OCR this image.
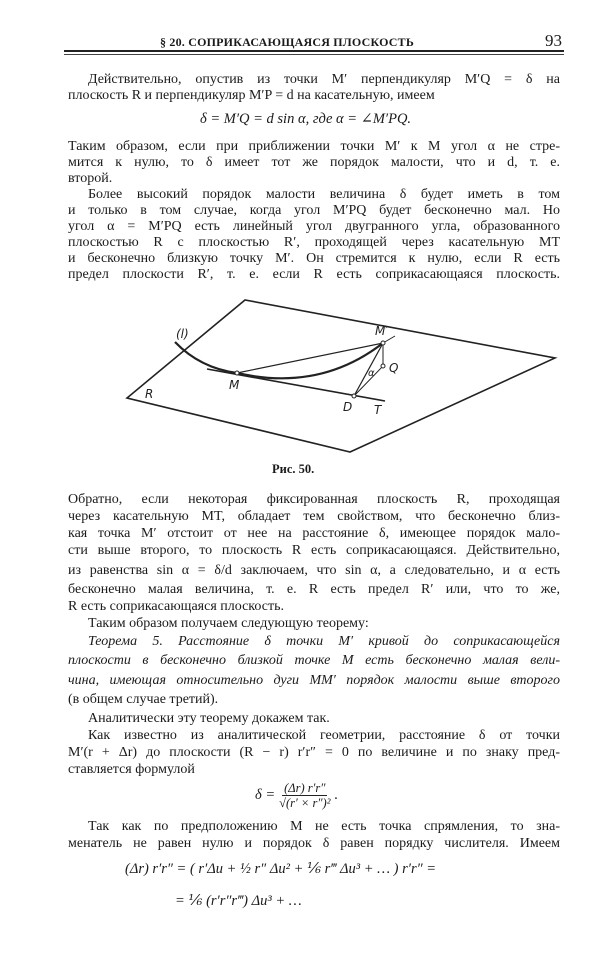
§ 20. СОПРИКАСАЮЩАЯСЯ ПЛОСКОСТЬ	93
Действительно, опустив из точки M′ перпендикуляр M′Q = δ на
плоскость R и перпендикуляр M′P = d на касательную, имеем
δ = M′Q = d sin α, где α = ∠M′PQ.
Таким образом, если при приближении точки M′ к M угол α не стре-
мится к нулю, то δ имеет тот же порядок малости, что и d, т. е.
второй.
Более высокий порядок малости величина δ будет иметь в том
и только в том случае, когда угол M′PQ будет бесконечно мал. Но
угол α = M′PQ есть линейный угол двугранного угла, образованного
плоскостью R с плоскостью R′, проходящей через касательную MT
и бесконечно близкую точку M′. Он стремится к нулю, если R есть
предел плоскости R′, т. е. если R есть соприкасающаяся плоскость.
(l)
M
M′
Q
α
D T
R
Рис. 50.
Обратно, если некоторая фиксированная плоскость R, проходящая
через касательную MT, обладает тем свойством, что бесконечно близ-
кая точка M′ отстоит от нее на расстояние δ, имеющее порядок мало-
сти выше второго, то плоскость R есть соприкасающаяся. Действительно,
из равенства sin α = δ/d заключаем, что sin α, а следовательно, и α есть
бесконечно малая величина, т. е. R есть предел R′ или, что то же,
R есть соприкасающаяся плоскость.
Таким образом получаем следующую теорему:
Теорема 5. Расстояние δ точки M′ кривой до соприкасающейся
плоскости в бесконечно близкой точке M есть бесконечно малая вели-
чина, имеющая относительно дуги MM′ порядок малости выше второго
(в общем случае третий).
Аналитически эту теорему докажем так.
Как известно из аналитической геометрии, расстояние δ от точки
M′(r + Δr) до плоскости (R − r) r′r″ = 0 по величине и по знаку пред-
ставляется формулой
$\delta = \frac{(\Delta r) r'r''}{\text{√(r′ × r″)²}}$ .
Так как по предположению M не есть точка спрямления, то зна-
менатель не равен нулю и порядок δ равен порядку числителя. Имеем
(Δr) r′r″ = ( r′Δu + ½ r″ Δu² + ⅙ r‴ Δu³ + … ) r′r″ =
= ⅙ (r′r″r‴) Δu³ + …
